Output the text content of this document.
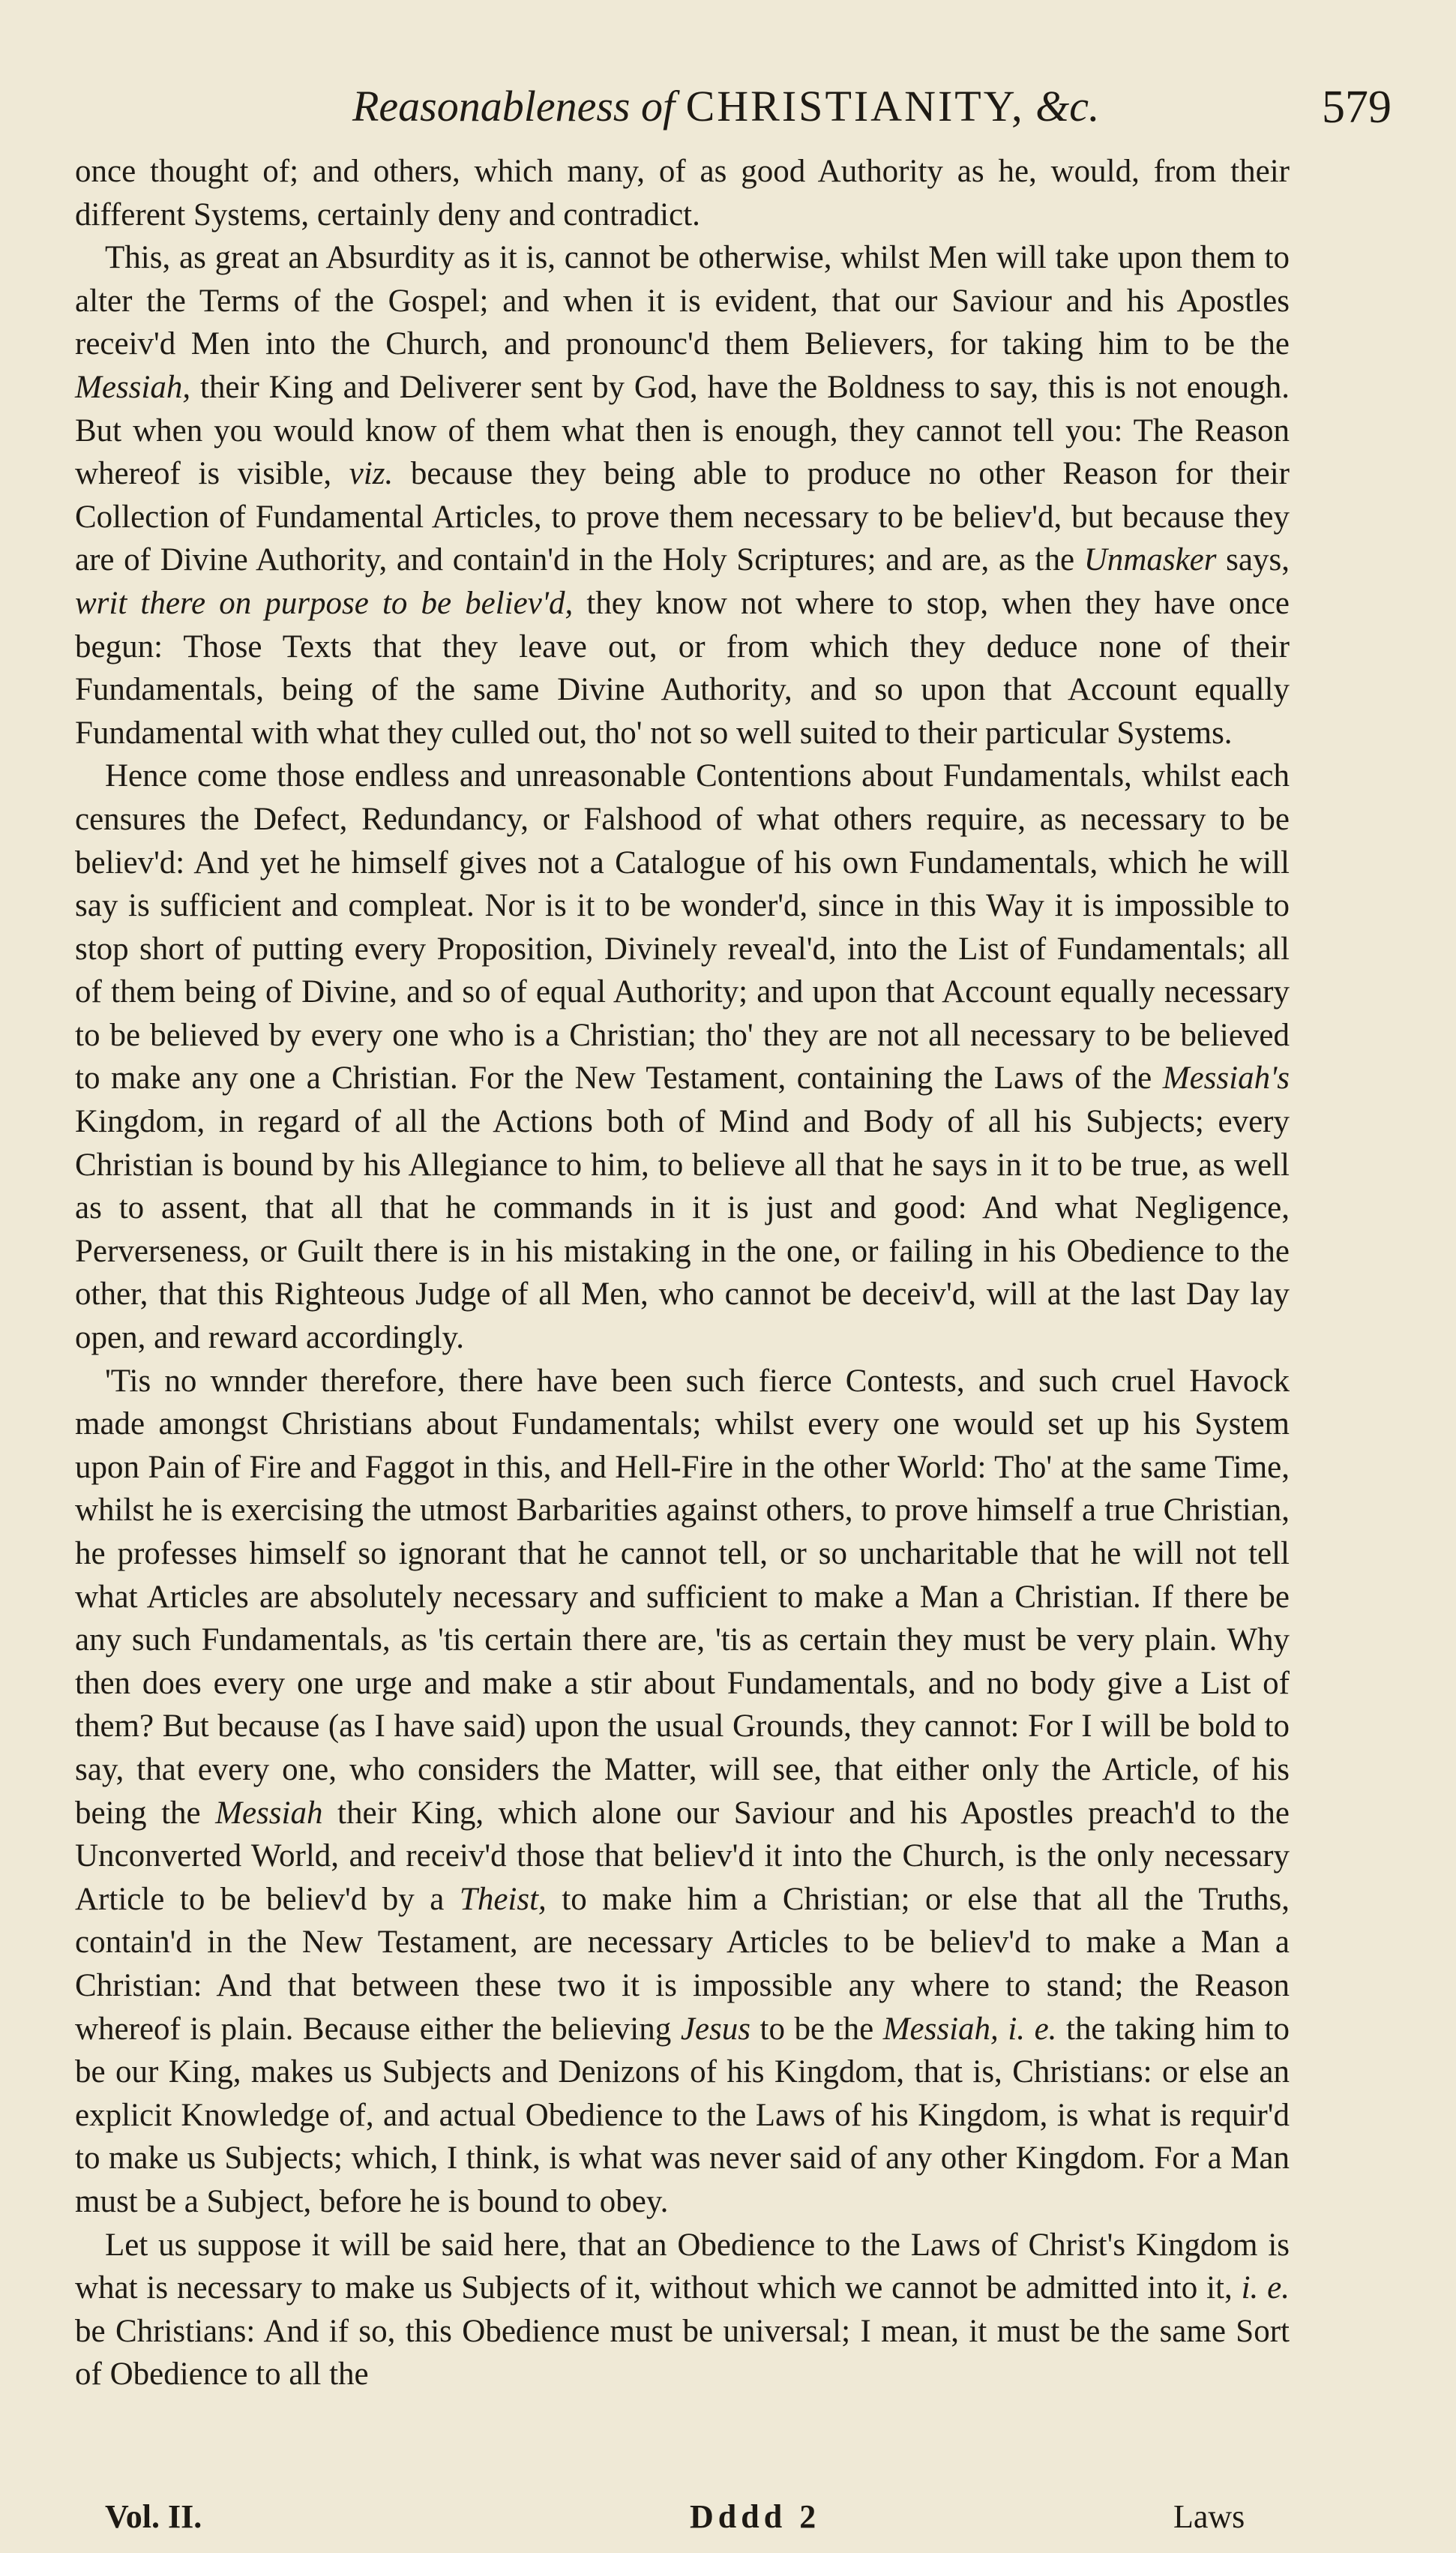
Reasonableness of CHRISTIANITY, &c.	579

once thought of; and others, which many, of as good Authority as he, would, from their different Systems, certainly deny and contradict.

This, as great an Absurdity as it is, cannot be otherwise, whilst Men will take upon them to alter the Terms of the Gospel; and when it is evident, that our Saviour and his Apostles receiv'd Men into the Church, and pronounc'd them Believers, for taking him to be the Messiah, their King and Deliverer sent by God, have the Boldness to say, this is not enough. But when you would know of them what then is enough, they cannot tell you: The Reason whereof is visible, viz. because they being able to produce no other Reason for their Collection of Fundamental Articles, to prove them necessary to be believ'd, but because they are of Divine Authority, and contain'd in the Holy Scriptures; and are, as the Unmasker says, writ there on purpose to be believ'd, they know not where to stop, when they have once begun: Those Texts that they leave out, or from which they deduce none of their Fundamentals, being of the same Divine Authority, and so upon that Account equally Fundamental with what they culled out, tho' not so well suited to their particular Systems.

Hence come those endless and unreasonable Contentions about Fundamentals, whilst each censures the Defect, Redundancy, or Falshood of what others require, as necessary to be believ'd: And yet he himself gives not a Catalogue of his own Fundamentals, which he will say is sufficient and compleat. Nor is it to be wonder'd, since in this Way it is impossible to stop short of putting every Proposition, Divinely reveal'd, into the List of Fundamentals; all of them being of Divine, and so of equal Authority; and upon that Account equally necessary to be believed by every one who is a Christian; tho' they are not all necessary to be believed to make any one a Christian. For the New Testament, containing the Laws of the Messiah's Kingdom, in regard of all the Actions both of Mind and Body of all his Subjects; every Christian is bound by his Allegiance to him, to believe all that he says in it to be true, as well as to assent, that all that he commands in it is just and good: And what Negligence, Perverseness, or Guilt there is in his mistaking in the one, or failing in his Obedience to the other, that this Righteous Judge of all Men, who cannot be deceiv'd, will at the last Day lay open, and reward accordingly.

'Tis no wnnder therefore, there have been such fierce Contests, and such cruel Havock made amongst Christians about Fundamentals; whilst every one would set up his System upon Pain of Fire and Faggot in this, and Hell-Fire in the other World: Tho' at the same Time, whilst he is exercising the utmost Barbarities against others, to prove himself a true Christian, he professes himself so ignorant that he cannot tell, or so uncharitable that he will not tell what Articles are absolutely necessary and sufficient to make a Man a Christian. If there be any such Fundamentals, as 'tis certain there are, 'tis as certain they must be very plain. Why then does every one urge and make a stir about Fundamentals, and no body give a List of them? But because (as I have said) upon the usual Grounds, they cannot: For I will be bold to say, that every one, who considers the Matter, will see, that either only the Article, of his being the Messiah their King, which alone our Saviour and his Apostles preach'd to the Unconverted World, and receiv'd those that believ'd it into the Church, is the only necessary Article to be believ'd by a Theist, to make him a Christian; or else that all the Truths, contain'd in the New Testament, are necessary Articles to be believ'd to make a Man a Christian: And that between these two it is impossible any where to stand; the Reason whereof is plain. Because either the believing Jesus to be the Messiah, i. e. the taking him to be our King, makes us Subjects and Denizons of his Kingdom, that is, Christians: or else an explicit Knowledge of, and actual Obedience to the Laws of his Kingdom, is what is requir'd to make us Subjects; which, I think, is what was never said of any other Kingdom. For a Man must be a Subject, before he is bound to obey.

Let us suppose it will be said here, that an Obedience to the Laws of Christ's Kingdom is what is necessary to make us Subjects of it, without which we cannot be admitted into it, i. e. be Christians: And if so, this Obedience must be universal; I mean, it must be the same Sort of Obedience to all the

Vol. II.	Dddd 2	Laws
